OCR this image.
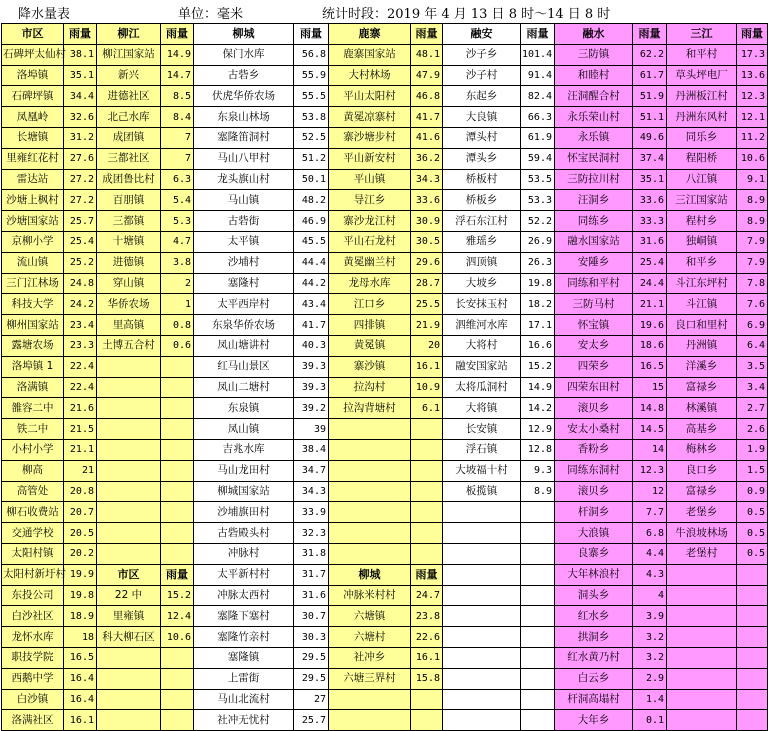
降水量表	单位：毫米	统计时段：2019 年 4 月 13 日 8 时～14 日 8 时
市区	雨量	柳江	雨量	柳城	雨量	鹿寨	雨量	融安	雨量	融水	雨量	三江	雨量
石碑坪太仙村	38.1	柳江国家站	14.9	保门水库	56.8	鹿寨国家站	48.1	沙子乡	101.4	三防镇	62.2	和平村	17.3
洛埠镇	35.1	新兴	14.7	古砦乡	55.9	大村林场	47.9	沙子村	91.4	和睦村	61.7	草头坪电厂	13.6
石碑坪镇	34.4	进德社区	8.5	伏虎华侨农场	55.5	平山太阳村	46.8	东起乡	82.4	汪洞醒合村	51.9	丹洲板江村	12.3
凤凰岭	32.6	北己水库	8.4	东泉山林场	53.8	黄冕凉寨村	41.7	大良镇	66.3	永乐荣山村	51.1	丹洲东风村	12.1
长塘镇	31.2	成团镇	7	塞隆笛洞村	52.5	寨沙塘步村	41.6	潭头村	61.9	永乐镇	49.6	同乐乡	11.2
里雍红花村	27.6	三都社区	7	马山八甲村	51.2	平山新安村	36.2	潭头乡	59.4	怀宝民洞村	37.4	程阳桥	10.6
雷达站	27.2	成团鲁比村	6.3	龙头旗山村	50.1	平山镇	34.3	桥板村	53.5	三防拉川村	35.1	八江镇	9.1
沙塘上枫村	27.2	百朋镇	5.4	马山镇	48.2	导江乡	33.6	桥板乡	53.3	汪洞乡	33.6	三江国家站	8.9
沙塘国家站	25.7	三都镇	5.3	古砦街	46.9	寨沙龙江村	30.9	浮石东江村	52.2	同练乡	33.3	程村乡	8.9
京柳小学	25.4	十塘镇	4.7	太平镇	45.5	平山石龙村	30.5	雅瑶乡	26.9	融水国家站	31.6	独峒镇	7.9
流山镇	25.2	进德镇	3.8	沙埔村	44.4	黄冕幽兰村	29.6	泗顶镇	26.3	安陲乡	25.4	和平乡	7.9
三门江林场	24.8	穿山镇	2	塞隆村	44.2	龙母水库	28.7	大坡乡	19.8	同练和平村	24.4	斗江东坪村	7.8
科技大学	24.2	华侨农场	1	太平西岸村	43.4	江口乡	25.5	长安抹玉村	18.2	三防马村	21.1	斗江镇	7.6
柳州国家站	23.4	里高镇	0.8	东泉华侨农场	41.7	四排镇	21.9	泗维河水库	17.1	怀宝镇	19.6	良口和里村	6.9
露塘农场	23.3	土博五合村	0.6	凤山塘讲村	40.3	黄冕镇	20	大将村	16.6	安太乡	18.6	丹洲镇	6.4
洛埠镇 1	22.4			红马山景区	39.3	寨沙镇	16.1	融安国家站	15.2	四荣乡	16.5	洋溪乡	3.5
洛满镇	22.4			凤山二塘村	39.3	拉沟村	10.9	太将瓜洞村	14.9	四荣东田村	15	富禄乡	3.4
雒容二中	21.6			东泉镇	39.2	拉沟背塘村	6.1	大将镇	14.2	滚贝乡	14.8	林溪镇	2.7
铁二中	21.5			凤山镇	39			长安镇	12.9	安太小桑村	14.5	高基乡	2.6
小村小学	21.1			吉兆水库	38.4			浮石镇	12.8	香粉乡	14	梅林乡	1.9
柳高	21			马山龙田村	34.7			大坡福十村	9.3	同练东洞村	12.3	良口乡	1.5
高管处	20.8			柳城国家站	34.3			板揽镇	8.9	滚贝乡	12	富禄乡	0.9
柳石收费站	20.7			沙埔旗田村	33.9					杆洞乡	7.7	老堡乡	0.5
交通学校	20.5			古砦殿头村	32.3					大浪镇	6.8	牛浪坡林场	0.5
太阳村镇	20.2			冲脉村	31.8					良寨乡	4.4	老堡村	0.5
太阳村新圩村	19.9	市区	雨量	太平新村村	31.7	柳城	雨量			大年林浪村	4.3		
东投公司	19.8	22 中	15.2	冲脉太西村	31.6	冲脉米村村	24.7			洞头乡	4		
白沙社区	18.9	里雍镇	12.4	塞隆下塞村	30.7	六塘镇	23.8			红水乡	3.9		
龙怀水库	18	科大柳石区	10.6	塞隆竹亲村	30.3	六塘村	22.6			拱洞乡	3.2		
职技学院	16.5			塞隆镇	29.5	社冲乡	16.1			红水黄乃村	3.2		
西鹅中学	16.4			上雷街	29.5	六塘三界村	15.8			白云乡	2.9		
白沙镇	16.4			马山北流村	27					杆洞高塌村	1.4		
洛满社区	16.1			社冲无忧村	25.7					大年乡	0.1		
